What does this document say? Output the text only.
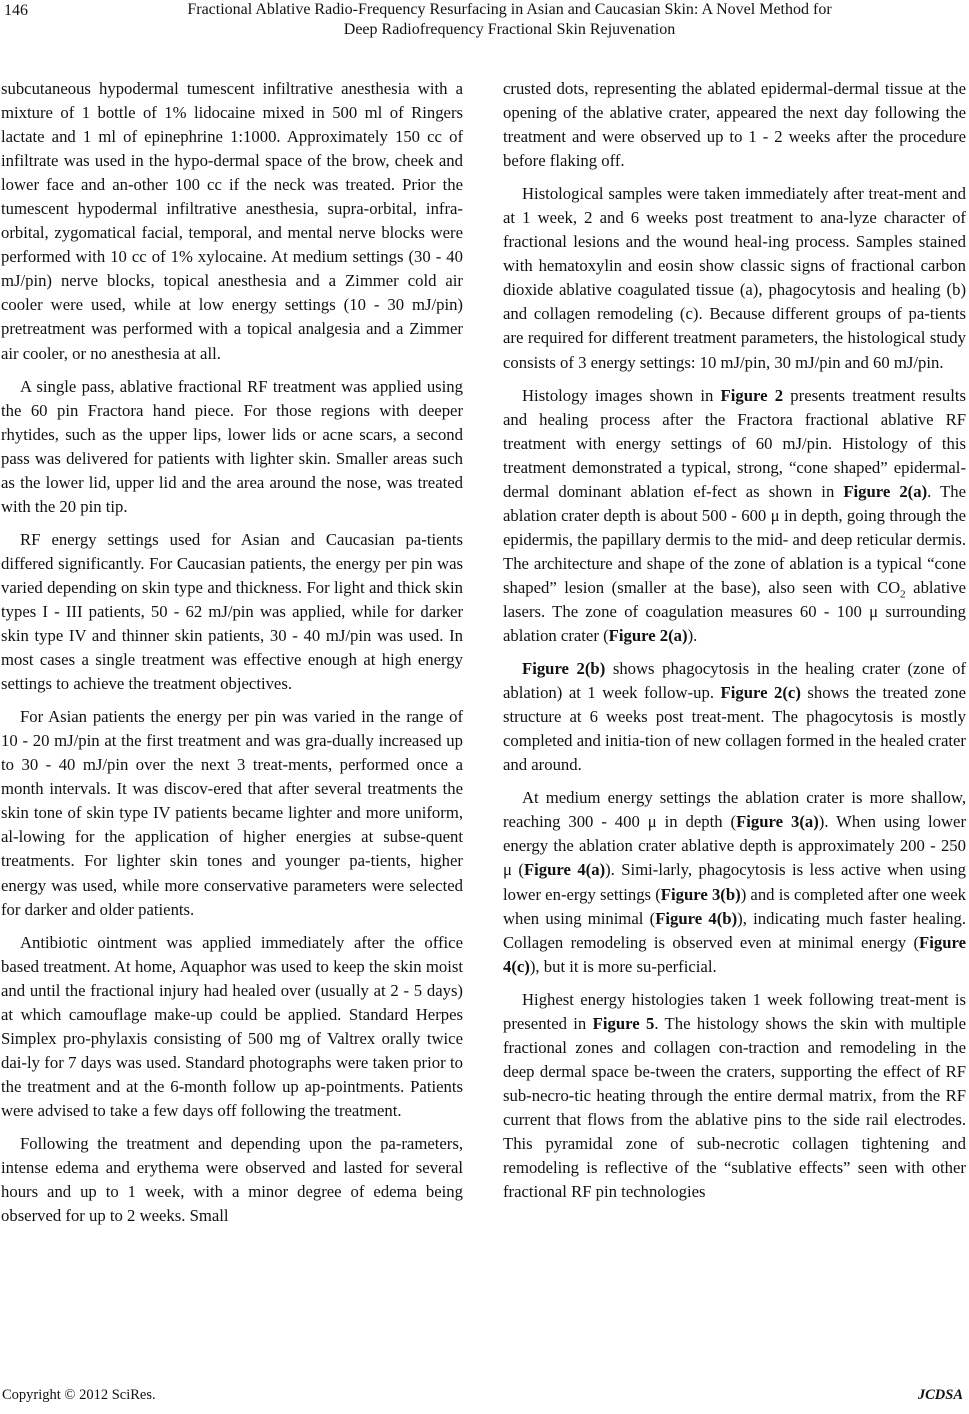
146	Fractional Ablative Radio-Frequency Resurfacing in Asian and Caucasian Skin: A Novel Method for
Deep Radiofrequency Fractional Skin Rejuvenation

subcutaneous hypodermal tumescent infiltrative anesthesia with a mixture of 1 bottle of 1% lidocaine mixed in 500 ml of Ringers lactate and 1 ml of epinephrine 1:1000. Approximately 150 cc of infiltrate was used in the hypo-dermal space of the brow, cheek and lower face and an-other 100 cc if the neck was treated. Prior the tumescent hypodermal infiltrative anesthesia, supra-orbital, infra-orbital, zygomatical facial, temporal, and mental nerve blocks were performed with 10 cc of 1% xylocaine. At medium settings (30 - 40 mJ/pin) nerve blocks, topical anesthesia and a Zimmer cold air cooler were used, while at low energy settings (10 - 30 mJ/pin) pretreatment was performed with a topical analgesia and a Zimmer air cooler, or no anesthesia at all.

A single pass, ablative fractional RF treatment was applied using the 60 pin Fractora hand piece. For those regions with deeper rhytides, such as the upper lips, lower lids or acne scars, a second pass was delivered for patients with lighter skin. Smaller areas such as the lower lid, upper lid and the area around the nose, was treated with the 20 pin tip.

RF energy settings used for Asian and Caucasian pa-tients differed significantly. For Caucasian patients, the energy per pin was varied depending on skin type and thickness. For light and thick skin types I - III patients, 50 - 62 mJ/pin was applied, while for darker skin type IV and thinner skin patients, 30 - 40 mJ/pin was used. In most cases a single treatment was effective enough at high energy settings to achieve the treatment objectives.

For Asian patients the energy per pin was varied in the range of 10 - 20 mJ/pin at the first treatment and was gra-dually increased up to 30 - 40 mJ/pin over the next 3 treat-ments, performed once a month intervals. It was discov-ered that after several treatments the skin tone of skin type IV patients became lighter and more uniform, al-lowing for the application of higher energies at subse-quent treatments. For lighter skin tones and younger pa-tients, higher energy was used, while more conservative parameters were selected for darker and older patients.

Antibiotic ointment was applied immediately after the office based treatment. At home, Aquaphor was used to keep the skin moist and until the fractional injury had healed over (usually at 2 - 5 days) at which camouflage make-up could be applied. Standard Herpes Simplex pro-phylaxis consisting of 500 mg of Valtrex orally twice dai-ly for 7 days was used. Standard photographs were taken prior to the treatment and at the 6-month follow up ap-pointments. Patients were advised to take a few days off following the treatment.

Following the treatment and depending upon the pa-rameters, intense edema and erythema were observed and lasted for several hours and up to 1 week, with a minor degree of edema being observed for up to 2 weeks. Small

crusted dots, representing the ablated epidermal-dermal tissue at the opening of the ablative crater, appeared the next day following the treatment and were observed up to 1 - 2 weeks after the procedure before flaking off.

Histological samples were taken immediately after treat-ment and at 1 week, 2 and 6 weeks post treatment to ana-lyze character of fractional lesions and the wound heal-ing process. Samples stained with hematoxylin and eosin show classic signs of fractional carbon dioxide ablative coagulated tissue (a), phagocytosis and healing (b) and collagen remodeling (c). Because different groups of pa-tients are required for different treatment parameters, the histological study consists of 3 energy settings: 10 mJ/pin, 30 mJ/pin and 60 mJ/pin.

Histology images shown in Figure 2 presents treatment results and healing process after the Fractora fractional ablative RF treatment with energy settings of 60 mJ/pin. Histology of this treatment demonstrated a typical, strong, “cone shaped” epidermal-dermal dominant ablation ef-fect as shown in Figure 2(a). The ablation crater depth is about 500 - 600 μ in depth, going through the epidermis, the papillary dermis to the mid- and deep reticular dermis. The architecture and shape of the zone of ablation is a typical “cone shaped” lesion (smaller at the base), also seen with $CO_2$ ablative lasers. The zone of coagulation measures 60 - 100 μ surrounding ablation crater (Figure 2(a)).

Figure 2(b) shows phagocytosis in the healing crater (zone of ablation) at 1 week follow-up. Figure 2(c) shows the treated zone structure at 6 weeks post treat-ment. The phagocytosis is mostly completed and initia-tion of new collagen formed in the healed crater and around.

At medium energy settings the ablation crater is more shallow, reaching 300 - 400 μ in depth (Figure 3(a)). When using lower energy the ablation crater ablative depth is approximately 200 - 250 μ (Figure 4(a)). Simi-larly, phagocytosis is less active when using lower en-ergy settings (Figure 3(b)) and is completed after one week when using minimal (Figure 4(b)), indicating much faster healing. Collagen remodeling is observed even at minimal energy (Figure 4(c)), but it is more su-perficial.

Highest energy histologies taken 1 week following treat-ment is presented in Figure 5. The histology shows the skin with multiple fractional zones and collagen con-traction and remodeling in the deep dermal space be-tween the craters, supporting the effect of RF sub-necro-tic heating through the entire dermal matrix, from the RF current that flows from the ablative pins to the side rail electrodes. This pyramidal zone of sub-necrotic collagen tightening and remodeling is reflective of the “sublative effects” seen with other fractional RF pin technologies

Copyright © 2012 SciRes.	JCDSA
